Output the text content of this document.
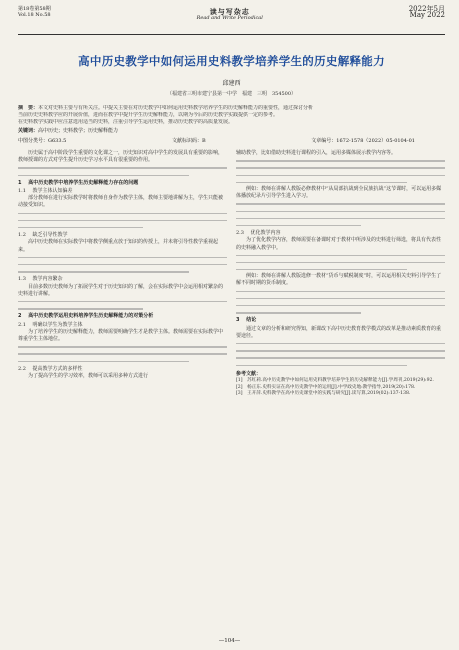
第18卷第58期
Vol.18 No.58	读与写杂志
Read and Write Periodical
2022年5月
May 2022
高中历史教学中如何运用史料教学培养学生的历史解释能力
邱建西
（福建省三明市建宁县第一中学　福建　三明　354500）
摘　要：本文对史料主要与有所关注。中提关主要在对历史教学中如何运用史料教学培养学生的历史解释能力的重要性，通过探讨分析
当前历史史料教学应的开展价值，进而在教学中提升学生历史解释能力，以期为今后的历史教学实践提供一定的参考。
在史料教学实践中应注意选用适当的史料，注重引导学生运用史料，推动历史教学的高质量发展。
关键词：高中历史；史料教学；历史解释能力
中图分类号：G633.5	文献标识码：B	文章编号：1672-1578（2022）05-0104-01

历史属于高中阶段学生重要的文化课之一，历史知识对高中学生的发展具有重要的影响，教师授课的方式对学生提升历史学习水平具有很重要的作用。

1 　高中历史教学中培养学生历史解释能力存在的问题
1.1 　教学主体认知偏差

部分教师在进行实际教学时将教师自身作为教学主体，教师主要地讲解为主，学生只能被动接受知识。

1.2 　缺乏引导性教学

高中历史教师在实际教学中将教学侧重点放于知识的传授上，并未将引导性教学重视起来。

1.3 　教学内容繁杂

目前多数历史教师为了拓展学生对于历史知识的了解，会在实际教学中会运用相对繁杂的史料进行讲解。

2 　高中历史教学运用史料培养学生历史解释能力的对策分析
2.1 　明确以学生为教学主体

为了培养学生的历史解释能力，教师需要明确学生才是教学主体。教师需要在实际教学中尊重学生主体地位。

2.2 　提高教学方式的多样性

为了提高学生的学习效率，教师可以采用多种方式进行

辅助教学，比如借助史料进行课程的引入，运用多媒体展示教学内容等。

例如：教师在讲解人教版必修教材中“从局部抗战到全民族抗战”这节课时，可以运用多媒体播放纪录片引导学生进入学习。

2.3 　优化教学内容

为了优化教学内容，教师需要在备课时对于教材中所涉及的史料进行筛选，将具有代表性的史料融入教学中。

例如：教师在讲解人教版选修一教材“货币与赋税制度”时，可以运用相关史料引导学生了解不同时期的货币制度。

3 　结论

通过文章的分析和研究得知，新课改下高中历史教育教学模式的改革是推动素质教育的重要途径。

参考文献：
[1]　苏红莉.高中历史教学中如何运用史料教学培养学生的历史解释能力[J].学周刊,2019(29):92.
[2]　杨正东.史料实证在高中历史教学中的运用[J].中学政史地:教学指导,2019(20):178.
[3]　王开萍.史料教学在高中历史课堂中的实践与研究[J].读写算,2019(02):137-138.
—104—
